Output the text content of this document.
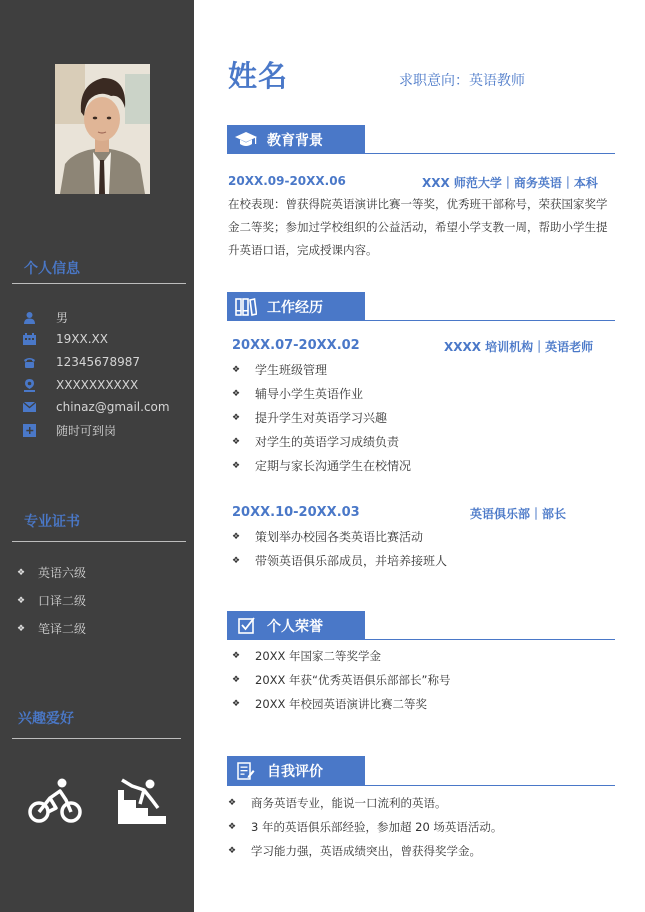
个人信息
男
19XX.XX
12345678987
XXXXXXXXXX
chinaz@gmail.com
随时可到岗
专业证书
❖	英语六级
❖	口译二级
❖	笔译二级
兴趣爱好
姓名	求职意向：英语教师
教育背景
20XX.09-20XX.06	XXX 师范大学｜商务英语｜本科
在校表现：曾获得院英语演讲比赛一等奖，优秀班干部称号，荣获国家奖学
金二等奖；参加过学校组织的公益活动，希望小学支教一周，帮助小学生提
升英语口语，完成授课内容。
工作经历
20XX.07-20XX.02	XXXX 培训机构｜英语老师
❖	学生班级管理
❖	辅导小学生英语作业
❖	提升学生对英语学习兴趣
❖	对学生的英语学习成绩负责
❖	定期与家长沟通学生在校情况
20XX.10-20XX.03	英语俱乐部｜部长
❖	策划举办校园各类英语比赛活动
❖	带领英语俱乐部成员，并培养接班人
个人荣誉
❖	20XX 年国家二等奖学金
❖	20XX 年获“优秀英语俱乐部部长”称号
❖	20XX 年校园英语演讲比赛二等奖
自我评价
❖	商务英语专业，能说一口流利的英语。
❖	3 年的英语俱乐部经验，参加超 20 场英语活动。
❖	学习能力强，英语成绩突出，曾获得奖学金。
